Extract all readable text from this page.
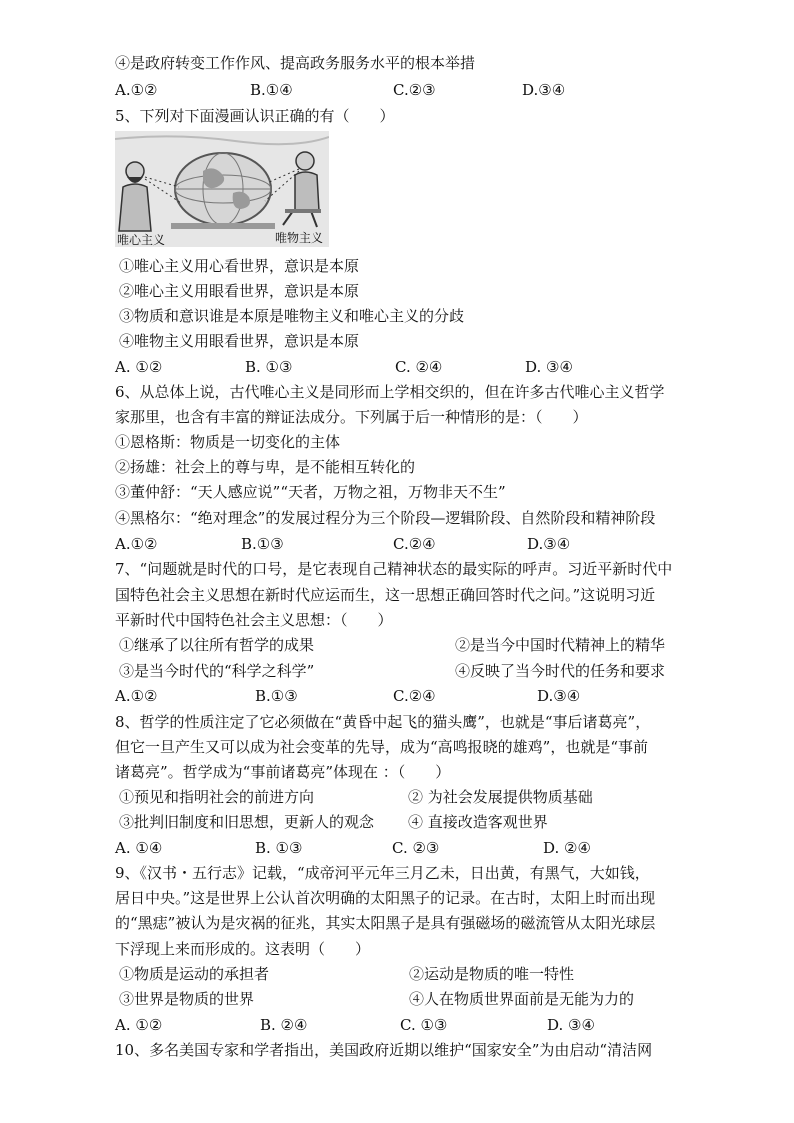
④是政府转变工作作风、提高政务服务水平的根本举措
A.①②	B.①④	C.②③	D.③④
5、下列对下面漫画认识正确的有（　　）
唯心主义	唯物主义
①唯心主义用心看世界，意识是本原
②唯心主义用眼看世界，意识是本原
③物质和意识谁是本原是唯物主义和唯心主义的分歧
④唯物主义用眼看世界，意识是本原
A. ①②	B. ①③	C. ②④	D. ③④
6、从总体上说，古代唯心主义是同形而上学相交织的，但在许多古代唯心主义哲学
家那里，也含有丰富的辩证法成分。下列属于后一种情形的是：（　　）
①恩格斯：物质是一切变化的主体
②扬雄：社会上的尊与卑，是不能相互转化的
③董仲舒：“天人感应说”“天者，万物之祖，万物非天不生”
④黑格尔：“绝对理念”的发展过程分为三个阶段—逻辑阶段、自然阶段和精神阶段
A.①②	B.①③	C.②④	D.③④
7、“问题就是时代的口号，是它表现自己精神状态的最实际的呼声。习近平新时代中
国特色社会主义思想在新时代应运而生，这一思想正确回答时代之问。”这说明习近
平新时代中国特色社会主义思想：（　　）
①继承了以往所有哲学的成果	②是当今中国时代精神上的精华
③是当今时代的“科学之科学”	④反映了当今时代的任务和要求
A.①②	B.①③	C.②④	D.③④
8、哲学的性质注定了它必须做在“黄昏中起飞的猫头鹰”，也就是“事后诸葛亮”，
但它一旦产生又可以成为社会变革的先导，成为“高鸣报晓的雄鸡”，也就是“事前
诸葛亮”。哲学成为“事前诸葛亮”体现在 ：（　　）
①预见和指明社会的前进方向	② 为社会发展提供物质基础
③批判旧制度和旧思想，更新人的观念 ④ 直接改造客观世界
A. ①④	B. ①③	C. ②③	D. ②④
9、《汉书・五行志》记载，“成帝河平元年三月乙未，日出黄，有黑气，大如钱，
居日中央。”这是世界上公认首次明确的太阳黑子的记录。在古时，太阳上时而出现
的“黑痣”被认为是灾祸的征兆，其实太阳黑子是具有强磁场的磁流管从太阳光球层
下浮现上来而形成的。这表明（　　）
①物质是运动的承担者	②运动是物质的唯一特性
③世界是物质的世界	④人在物质世界面前是无能为力的
A. ①②	B. ②④	C. ①③	D. ③④
10、多名美国专家和学者指出，美国政府近期以维护“国家安全”为由启动“清洁网
